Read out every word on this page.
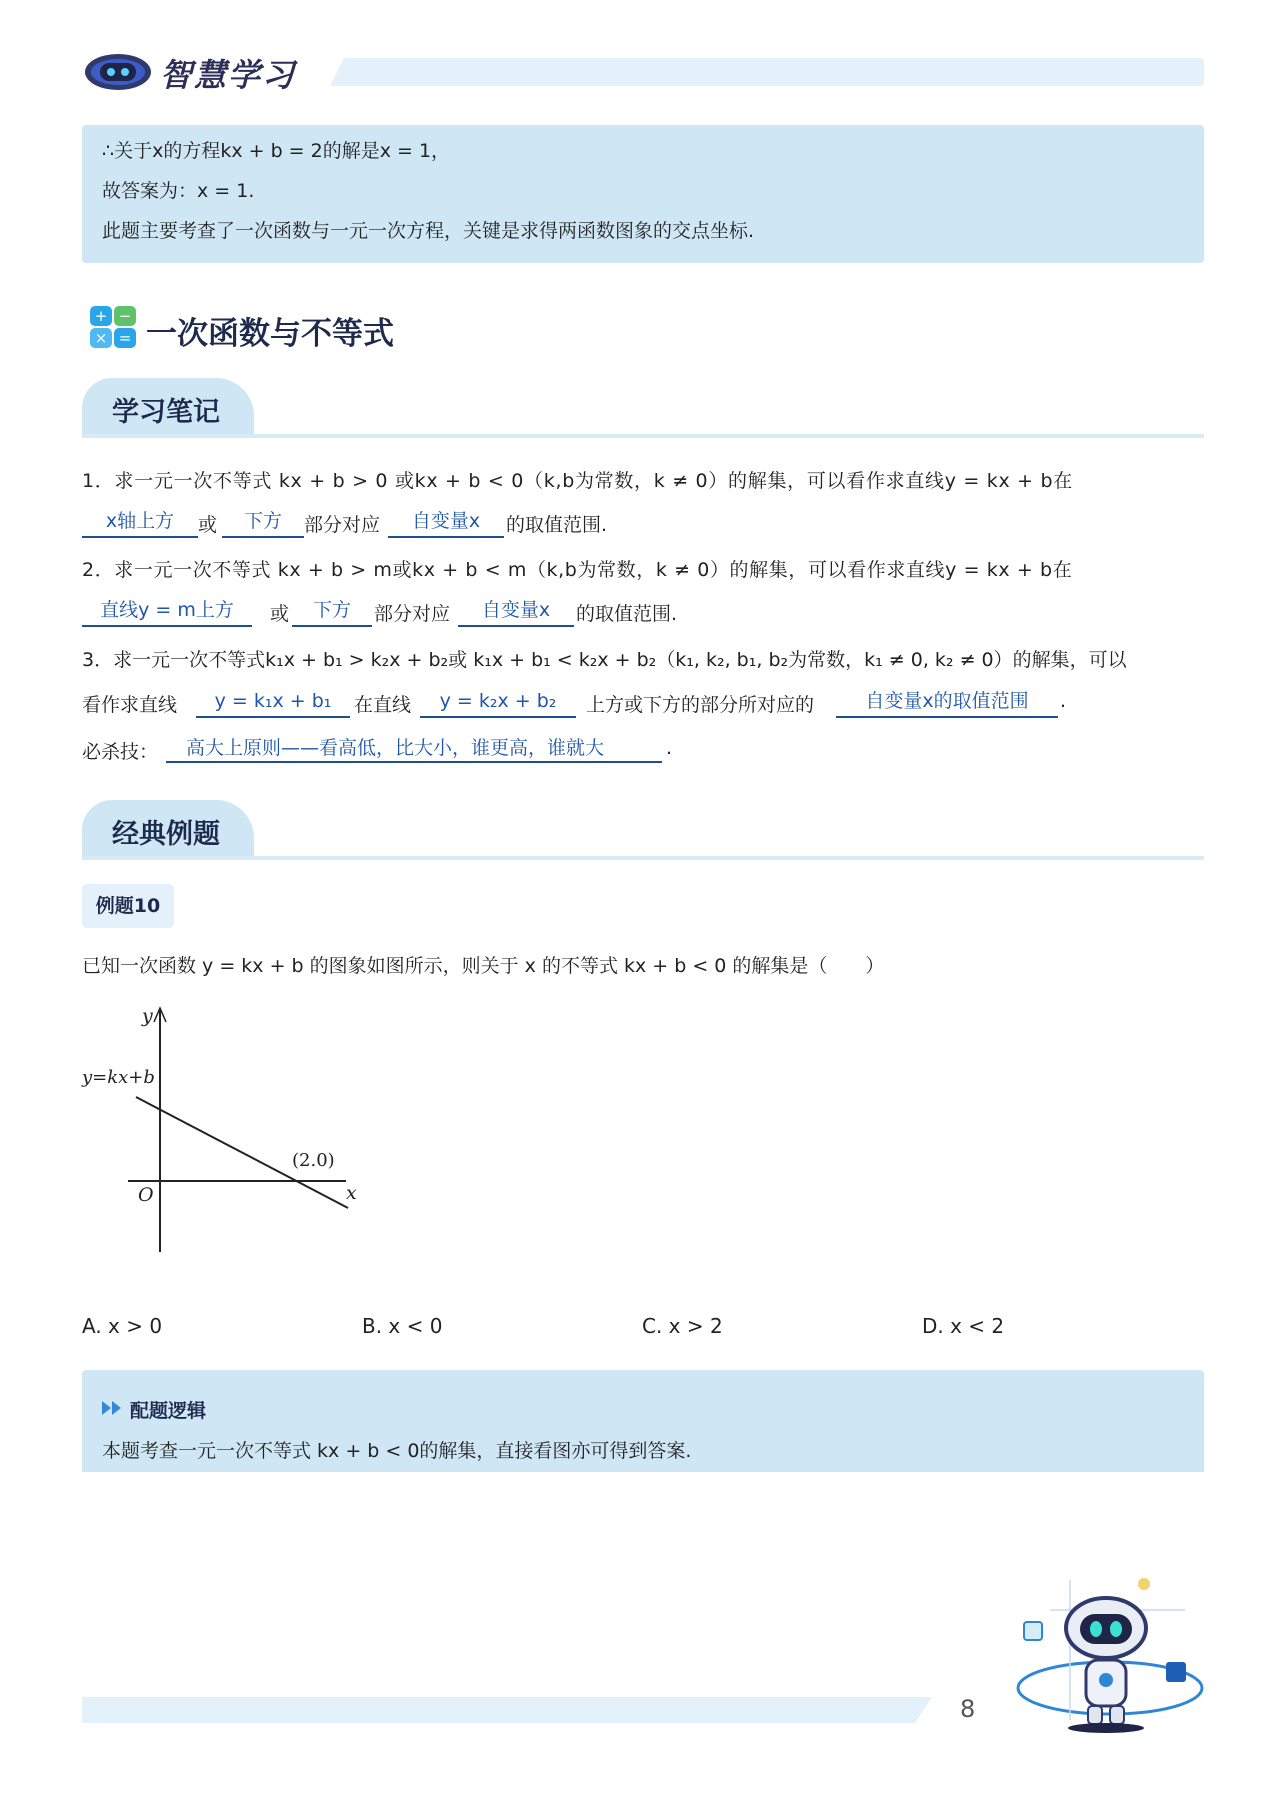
智慧学习
∴关于x的方程kx + b = 2的解是x = 1，
故答案为：x = 1.
此题主要考查了一次函数与一元一次方程，关键是求得两函数图象的交点坐标.
+ −
× = 一次函数与不等式
学习笔记
1．求一元一次不等式 kx + b > 0 或kx + b < 0（k,b为常数，k ≠ 0）的解集，可以看作求直线y = kx + b在
x轴上方	或	下方	部分对应	自变量x	的取值范围.
2．求一元一次不等式 kx + b > m或kx + b < m（k,b为常数，k ≠ 0）的解集，可以看作求直线y = kx + b在
直线y = m上方	或	下方	部分对应	自变量x	的取值范围.
3．求一元一次不等式k₁x + b₁ > k₂x + b₂或 k₁x + b₁ < k₂x + b₂（k₁, k₂, b₁, b₂为常数，k₁ ≠ 0, k₂ ≠ 0）的解集，可以
看作求直线	y = k₁x + b₁	在直线	y = k₂x + b₂	上方或下方的部分所对应的	自变量x的取值范围	.
必杀技：	高大上原则——看高低，比大小，谁更高，谁就大	.
经典例题
例题10
已知一次函数 y = kx + b 的图象如图所示，则关于 x 的不等式 kx + b < 0 的解集是（　　）
y
x
O
y=kx+b
(2.0)
A. x > 0	B. x < 0	C. x > 2	D. x < 2
配题逻辑
本题考查一元一次不等式 kx + b < 0的解集，直接看图亦可得到答案.
8
